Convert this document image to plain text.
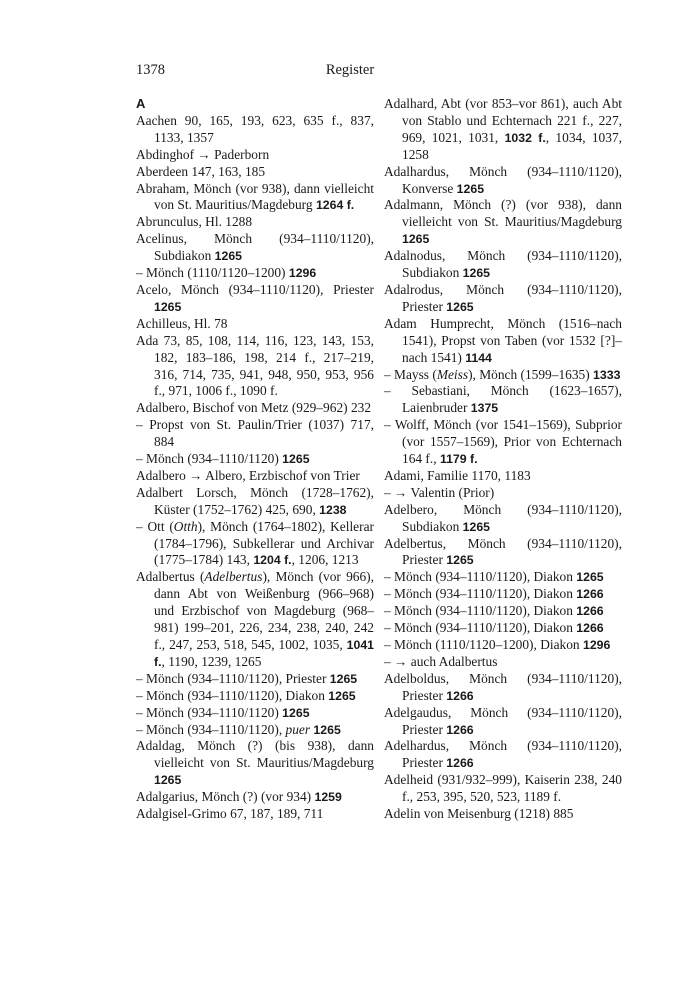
1378	Register
A
Aachen 90, 165, 193, 623, 635 f., 837, 1133, 1357
Abdinghof → Paderborn
Aberdeen 147, 163, 185
Abraham, Mönch (vor 938), dann vielleicht von St. Mauritius/Magdeburg 1264 f.
Abrunculus, Hl. 1288
Acelinus, Mönch (934–1110/1120), Subdiakon 1265
– Mönch (1110/1120–1200) 1296
Acelo, Mönch (934–1110/1120), Priester 1265
Achilleus, Hl. 78
Ada 73, 85, 108, 114, 116, 123, 143, 153, 182, 183–186, 198, 214 f., 217–219, 316, 714, 735, 941, 948, 950, 953, 956 f., 971, 1006 f., 1090 f.
Adalbero, Bischof von Metz (929–962) 232
– Propst von St. Paulin/Trier (1037) 717, 884
– Mönch (934–1110/1120) 1265
Adalbero → Albero, Erzbischof von Trier
Adalbert Lorsch, Mönch (1728–1762), Küster (1752–1762) 425, 690, 1238
– Ott (Otth), Mönch (1764–1802), Kellerar (1784–1796), Subkellerar und Archivar (1775–1784) 143, 1204 f., 1206, 1213
Adalbertus (Adelbertus), Mönch (vor 966), dann Abt von Weißenburg (966–968) und Erzbischof von Magdeburg (968–981) 199–201, 226, 234, 238, 240, 242 f., 247, 253, 518, 545, 1002, 1035, 1041 f., 1190, 1239, 1265
– Mönch (934–1110/1120), Priester 1265
– Mönch (934–1110/1120), Diakon 1265
– Mönch (934–1110/1120) 1265
– Mönch (934–1110/1120), puer 1265
Adaldag, Mönch (?) (bis 938), dann vielleicht von St. Mauritius/Magdeburg 1265
Adalgarius, Mönch (?) (vor 934) 1259
Adalgisel-Grimo 67, 187, 189, 711
Adalhard, Abt (vor 853–vor 861), auch Abt von Stablo und Echternach 221 f., 227, 969, 1021, 1031, 1032 f., 1034, 1037, 1258
Adalhardus, Mönch (934–1110/1120), Konverse 1265
Adalmann, Mönch (?) (vor 938), dann vielleicht von St. Mauritius/Magdeburg 1265
Adalnodus, Mönch (934–1110/1120), Subdiakon 1265
Adalrodus, Mönch (934–1110/1120), Priester 1265
Adam Humprecht, Mönch (1516–nach 1541), Propst von Taben (vor 1532 [?]–nach 1541) 1144
– Mayss (Meiss), Mönch (1599–1635) 1333
– Sebastiani, Mönch (1623–1657), Laienbruder 1375
– Wolff, Mönch (vor 1541–1569), Subprior (vor 1557–1569), Prior von Echternach 164 f., 1179 f.
Adami, Familie 1170, 1183
– → Valentin (Prior)
Adelbero, Mönch (934–1110/1120), Subdiakon 1265
Adelbertus, Mönch (934–1110/1120), Priester 1265
– Mönch (934–1110/1120), Diakon 1265
– Mönch (934–1110/1120), Diakon 1266
– Mönch (934–1110/1120), Diakon 1266
– Mönch (934–1110/1120), Diakon 1266
– Mönch (1110/1120–1200), Diakon 1296
– → auch Adalbertus
Adelboldus, Mönch (934–1110/1120), Priester 1266
Adelgaudus, Mönch (934–1110/1120), Priester 1266
Adelhardus, Mönch (934–1110/1120), Priester 1266
Adelheid (931/932–999), Kaiserin 238, 240 f., 253, 395, 520, 523, 1189 f.
Adelin von Meisenburg (1218) 885
